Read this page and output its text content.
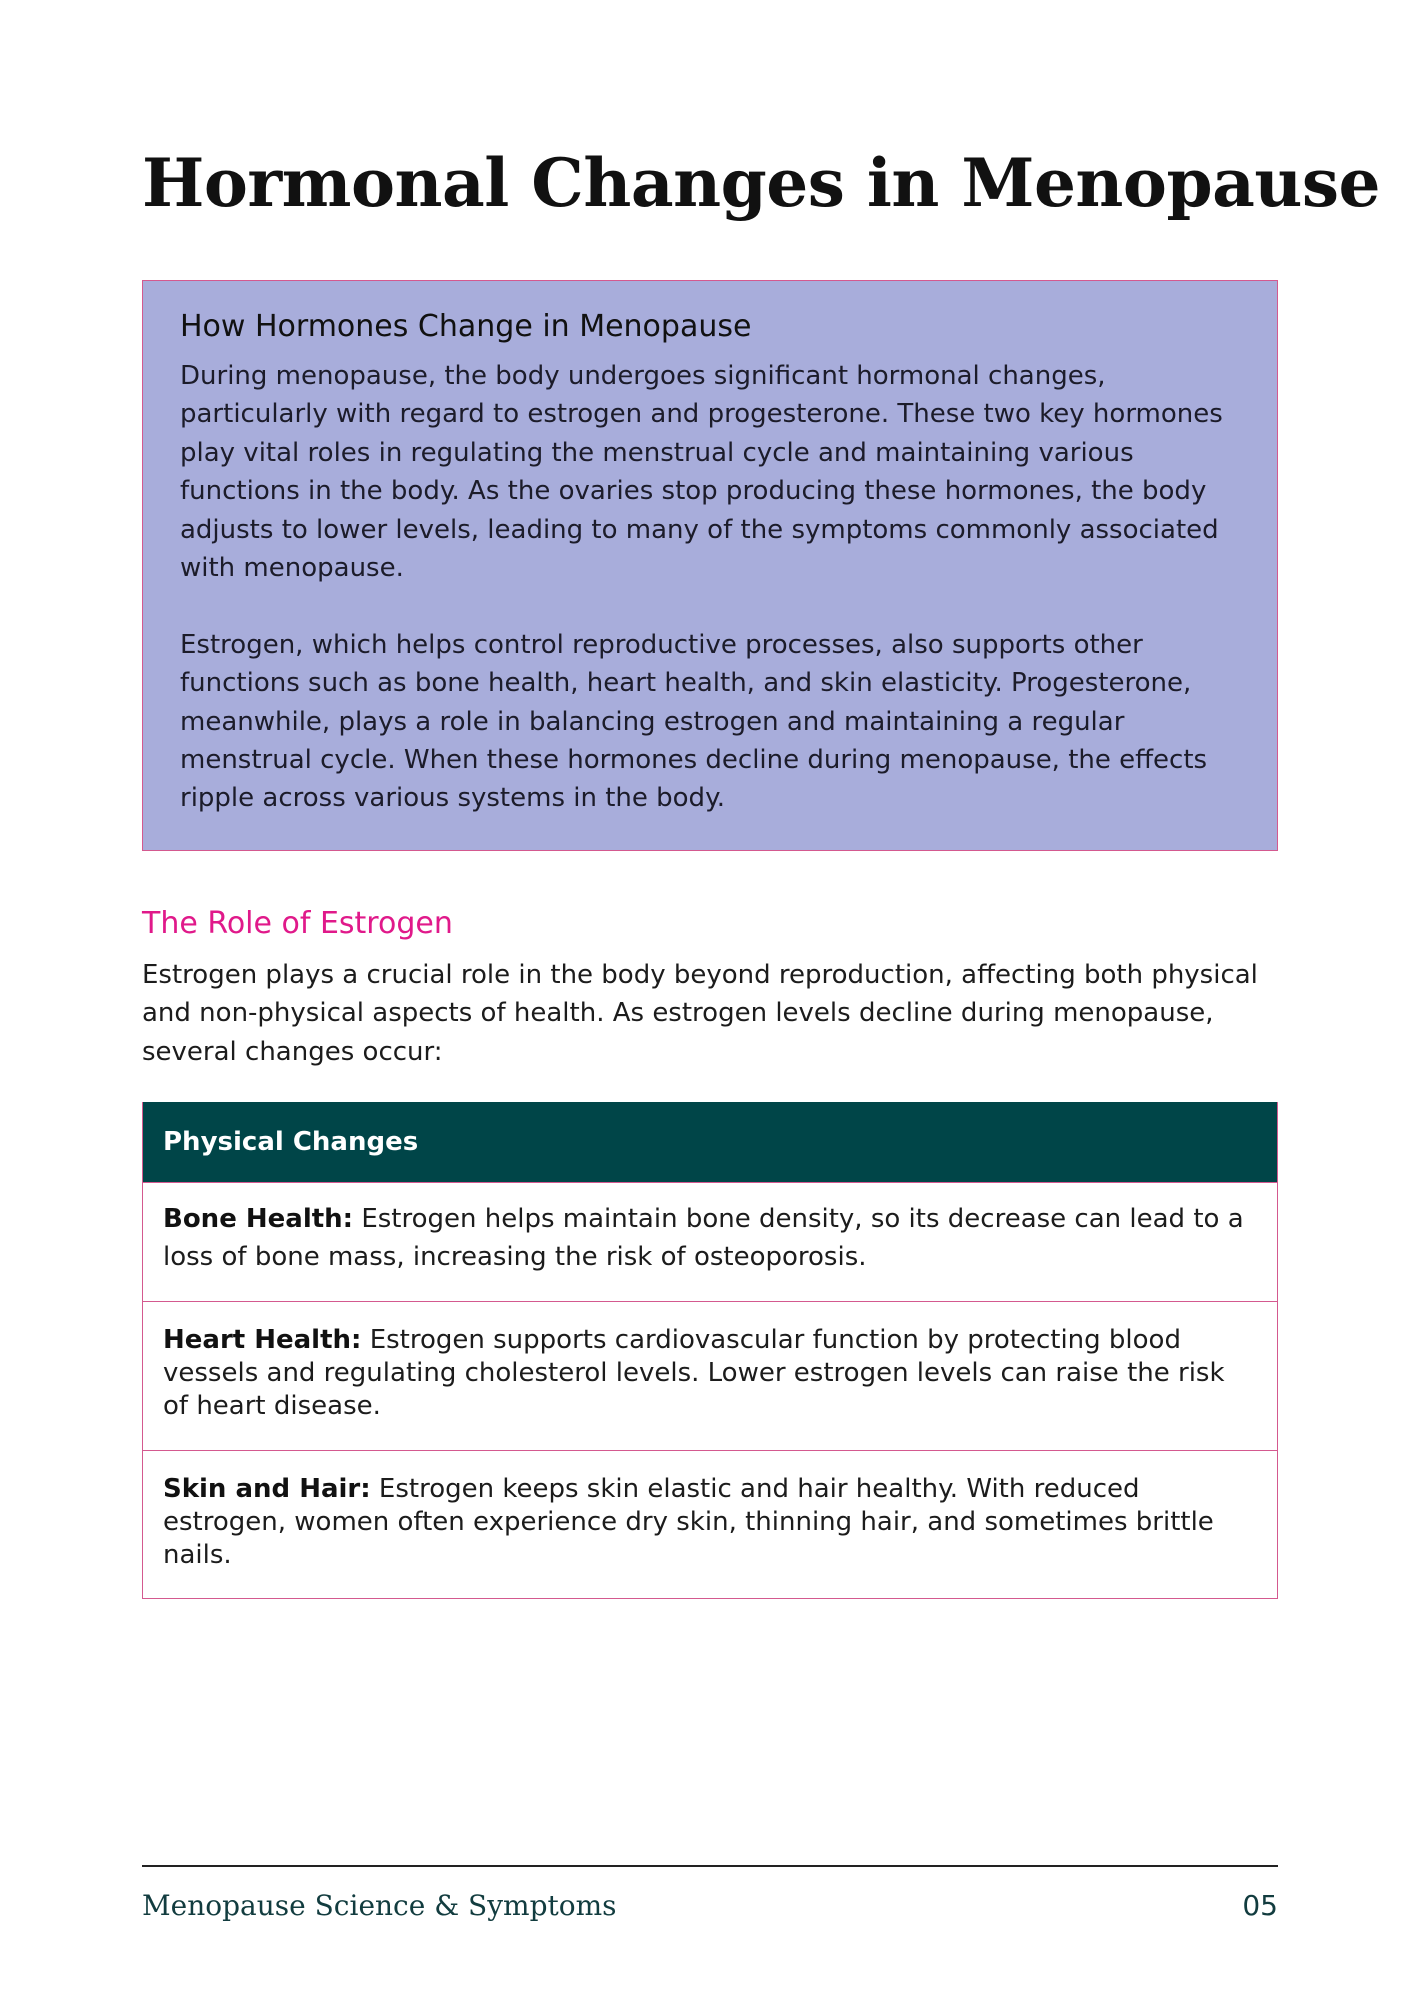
Hormonal Changes in Menopause
How Hormones Change in Menopause

During menopause, the body undergoes significant hormonal changes, particularly with regard to estrogen and progesterone. These two key hormones play vital roles in regulating the menstrual cycle and maintaining various functions in the body. As the ovaries stop producing these hormones, the body adjusts to lower levels, leading to many of the symptoms commonly associated with menopause.

Estrogen, which helps control reproductive processes, also supports other functions such as bone health, heart health, and skin elasticity. Progesterone, meanwhile, plays a role in balancing estrogen and maintaining a regular menstrual cycle. When these hormones decline during menopause, the effects ripple across various systems in the body.

The Role of Estrogen

Estrogen plays a crucial role in the body beyond reproduction, affecting both physical and non-physical aspects of health. As estrogen levels decline during menopause, several changes occur:

Physical Changes
Bone Health: Estrogen helps maintain bone density, so its decrease can lead to a loss of bone mass, increasing the risk of osteoporosis.
Heart Health: Estrogen supports cardiovascular function by protecting blood vessels and regulating cholesterol levels. Lower estrogen levels can raise the risk of heart disease.
Skin and Hair: Estrogen keeps skin elastic and hair healthy. With reduced estrogen, women often experience dry skin, thinning hair, and sometimes brittle nails.
Menopause Science & Symptoms	05
